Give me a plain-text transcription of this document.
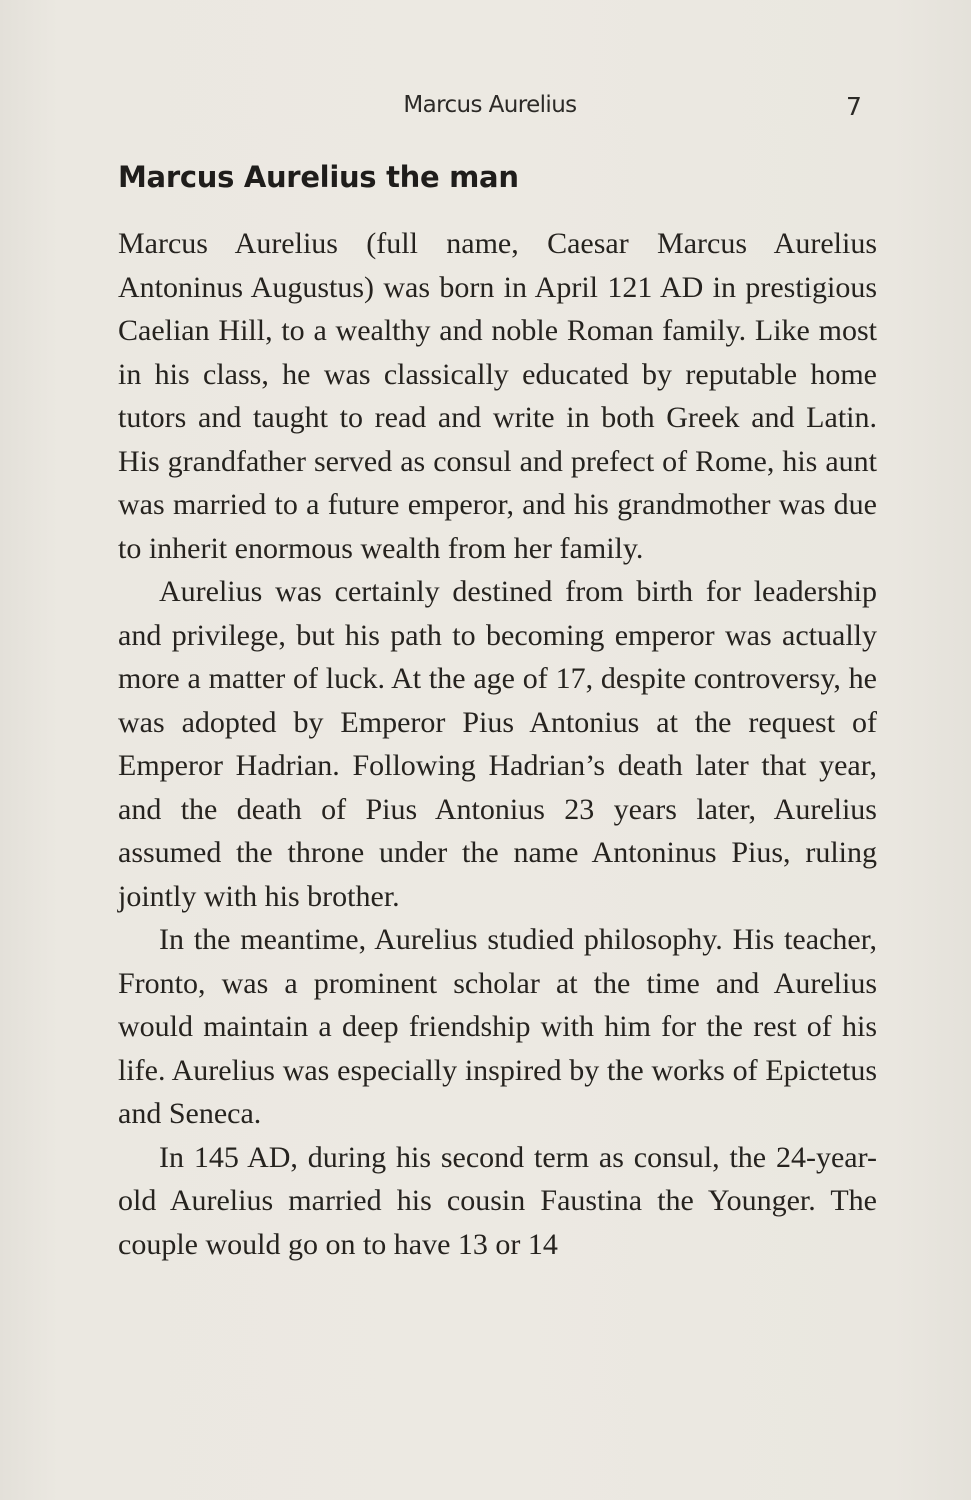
Marcus Aurelius	7
Marcus Aurelius the man

Marcus Aurelius (full name, Caesar Marcus Aurelius Antoninus Augustus) was born in April 121 AD in prestigious Caelian Hill, to a wealthy and noble Roman family. Like most in his class, he was classically educated by reputable home tutors and taught to read and write in both Greek and Latin. His grandfather served as consul and prefect of Rome, his aunt was married to a future emperor, and his grandmother was due to inherit enormous wealth from her family.

Aurelius was certainly destined from birth for leadership and privilege, but his path to becoming emperor was actually more a matter of luck. At the age of 17, despite controversy, he was adopted by Emperor Pius Antonius at the request of Emperor Hadrian. Following Hadrian’s death later that year, and the death of Pius Antonius 23 years later, Aurelius assumed the throne under the name Antoninus Pius, ruling jointly with his brother.

In the meantime, Aurelius studied philosophy. His teacher, Fronto, was a prominent scholar at the time and Aurelius would maintain a deep friendship with him for the rest of his life. Aurelius was especially inspired by the works of Epictetus and Seneca.

In 145 AD, during his second term as consul, the 24-year-old Aurelius married his cousin Faustina the Younger. The couple would go on to have 13 or 14
